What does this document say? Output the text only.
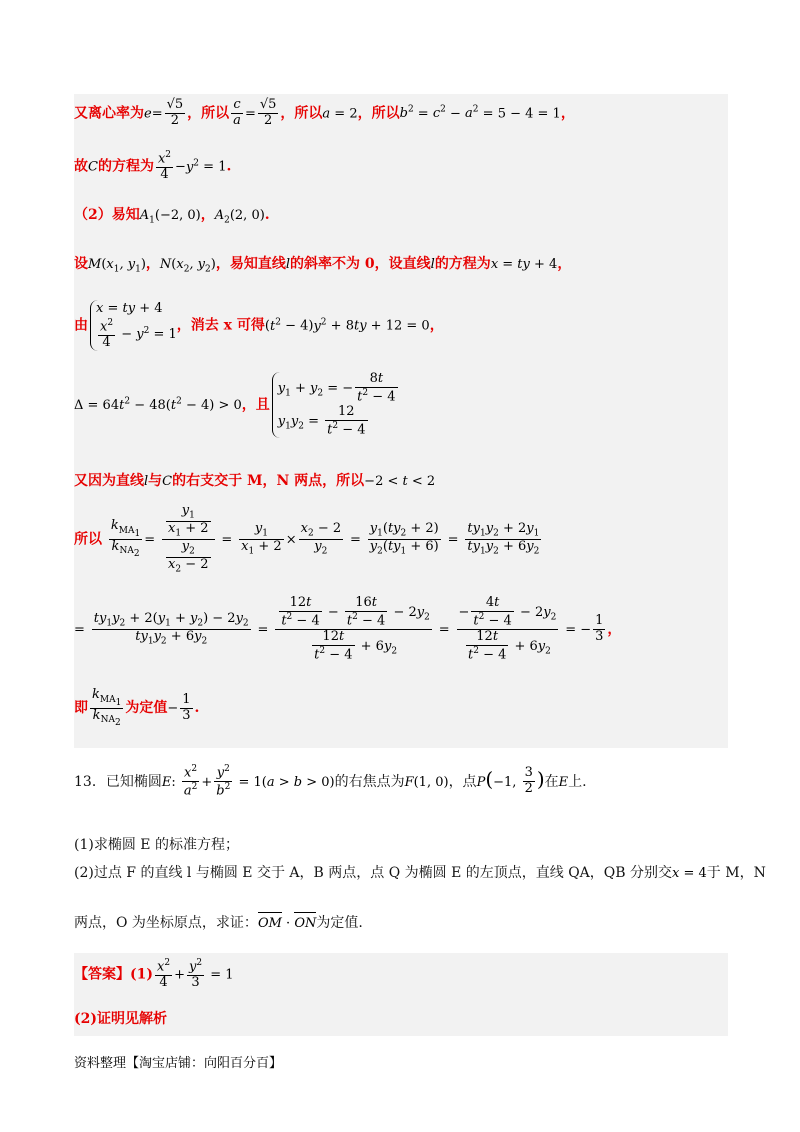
又离心率为$e= \frac{√5}{2}$ ，所以 $\frac{c}{a} = \frac{√5}{2}$ ，所以a = 2，所以$b^2 = c^2 - a^2 = 5 - 4 = 1$，
故C的方程为 $\frac{x^2}{4} -y^2 = 1$.
（2）易知$A_1(-2$, 0)，$A_2(2$, 0).
设$M(x_1$, $y_1$)，$N(x_2$, $y_2$)，易知直线l的斜率不为 0，设直线l的方程为x = ty + 4，
由
x = ty + 4
$\frac{x^2}{4} - y^2 = 1$
，消去 x 可得$(t^2 - 4)y^2 + 8ty + 12 = 0$，
$\Delta = 64t^2 - 48(t^2 - 4) > 0$，且
$y_1 + y_2$ = − $\frac{8t}{t^2 - 4}$
$y_1y_2 = \frac{12}{t^2 - 4}$
又因为直线l与C的右支交于 M，N 两点，所以−2 < t < 2
所以 $\frac{k_{MA_1}}{k_{NA_2}} = \frac{\frac{y_1}{x_1 + 2}}{\frac{y_2}{x_2 - 2}} = \frac{y_1}{x_1 + 2} \times \frac{x_2 - 2}{y_2} = \frac{y_1(ty_2 + 2)}{y_2(ty_1 + 6)} = \frac{ty_1y_2 + 2y_1}{ty_1y_2 + 6y_2}$
= $\frac{ty_1y_2 + 2(y_1 + y_2) - 2y_2}{ty_1y_2 + 6y_2} = \frac{\frac{12t}{t^2 - 4} - \frac{16t}{t^2 - 4} - 2y_2}{\frac{12t}{t^2 - 4} + 6y_2} = \frac{- \frac{4t}{t^2 - 4} - 2y_2}{\frac{12t}{t^2 - 4} + 6y_2}$ = − $\frac{1}{3}$ ，
即 $\frac{k_{MA_1}}{k_{NA_2}}$ 为定值− $\frac{1}{3}$ .
13．已知椭圆E: $\frac{x^2}{a^2} + \frac{y^2}{b^2} = 1(a > b > 0)$的右焦点为F(1, 0)，点P(−1, $\frac{3}{2}$ )在E上.
(1)求椭圆 E 的标准方程；
(2)过点 F 的直线 l 与椭圆 E 交于 A，B 两点，点 Q 为椭圆 E 的左顶点，直线 QA，QB 分别交x = 4于 M，N
两点，O 为坐标原点，求证：OM · ON为定值.
【答案】$(1) \frac{x^2}{4} + \frac{y^2}{3} = 1$
(2)证明见解析
资料整理【淘宝店铺：向阳百分百】
